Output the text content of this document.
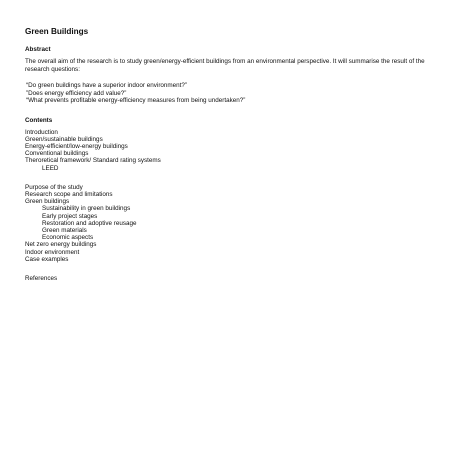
Green Buildings

Abstract

The overall aim of the research is to study green/energy-efficient buildings from an environmental perspective. It will summarise the result of the research questions:

“Do green buildings have a superior indoor environment?”

”Does energy efficiency add value?”

“What prevents profitable energy-efficiency measures from being undertaken?”

Contents

Introduction
Green/sustainable buildings
Energy-efficient/low-energy buildings
Conventional buildings
Theroretical framework/ Standard rating systems
LEED
Purpose of the study
Research scope and limitations
Green buildings
Sustainability in green buildings
Early project stages
Restoration and adoptive reusage
Green materials
Economic aspects
Net zero energy buildings
Indoor environment
Case examples

References
